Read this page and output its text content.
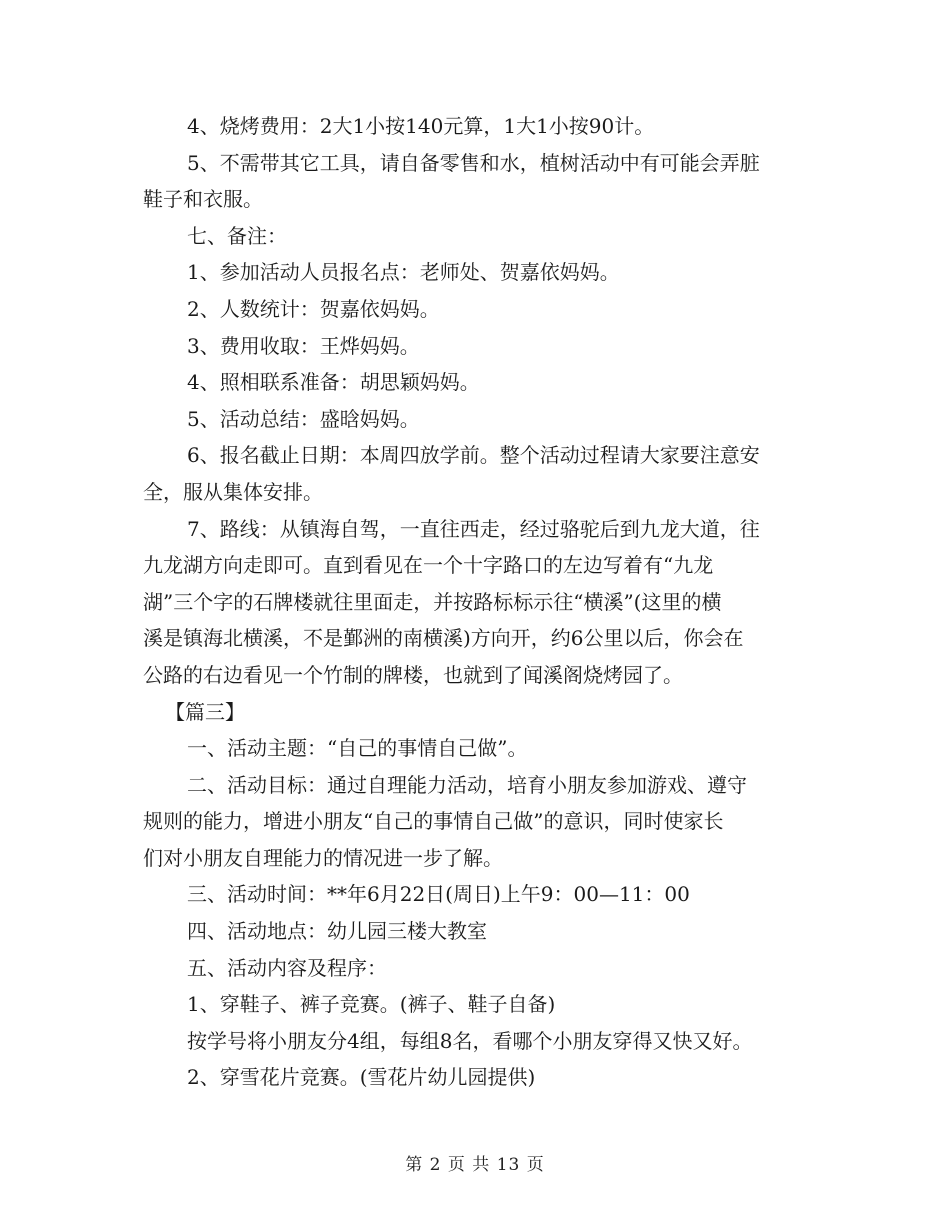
4、烧烤费用：2大1小按140元算，1大1小按90计。

5、不需带其它工具，请自备零售和水，植树活动中有可能会弄脏

鞋子和衣服。

七、备注：

1、参加活动人员报名点：老师处、贺嘉依妈妈。

2、人数统计：贺嘉依妈妈。

3、费用收取：王烨妈妈。

4、照相联系准备：胡思颖妈妈。

5、活动总结：盛晗妈妈。

6、报名截止日期：本周四放学前。整个活动过程请大家要注意安

全，服从集体安排。

7、路线：从镇海自驾，一直往西走，经过骆驼后到九龙大道，往

九龙湖方向走即可。直到看见在一个十字路口的左边写着有“九龙

湖”三个字的石牌楼就往里面走，并按路标标示往“横溪”(这里的横

溪是镇海北横溪，不是鄞洲的南横溪)方向开，约6公里以后，你会在

公路的右边看见一个竹制的牌楼，也就到了闻溪阁烧烤园了。

【篇三】

一、活动主题：“自己的事情自己做”。

二、活动目标：通过自理能力活动，培育小朋友参加游戏、遵守

规则的能力，增进小朋友“自己的事情自己做”的意识，同时使家长

们对小朋友自理能力的情况进一步了解。

三、活动时间：**年6月22日(周日)上午9：00—11：00

四、活动地点：幼儿园三楼大教室

五、活动内容及程序：

1、穿鞋子、裤子竞赛。(裤子、鞋子自备)

按学号将小朋友分4组，每组8名，看哪个小朋友穿得又快又好。

2、穿雪花片竞赛。(雪花片幼儿园提供)

第 2 页 共 13 页
